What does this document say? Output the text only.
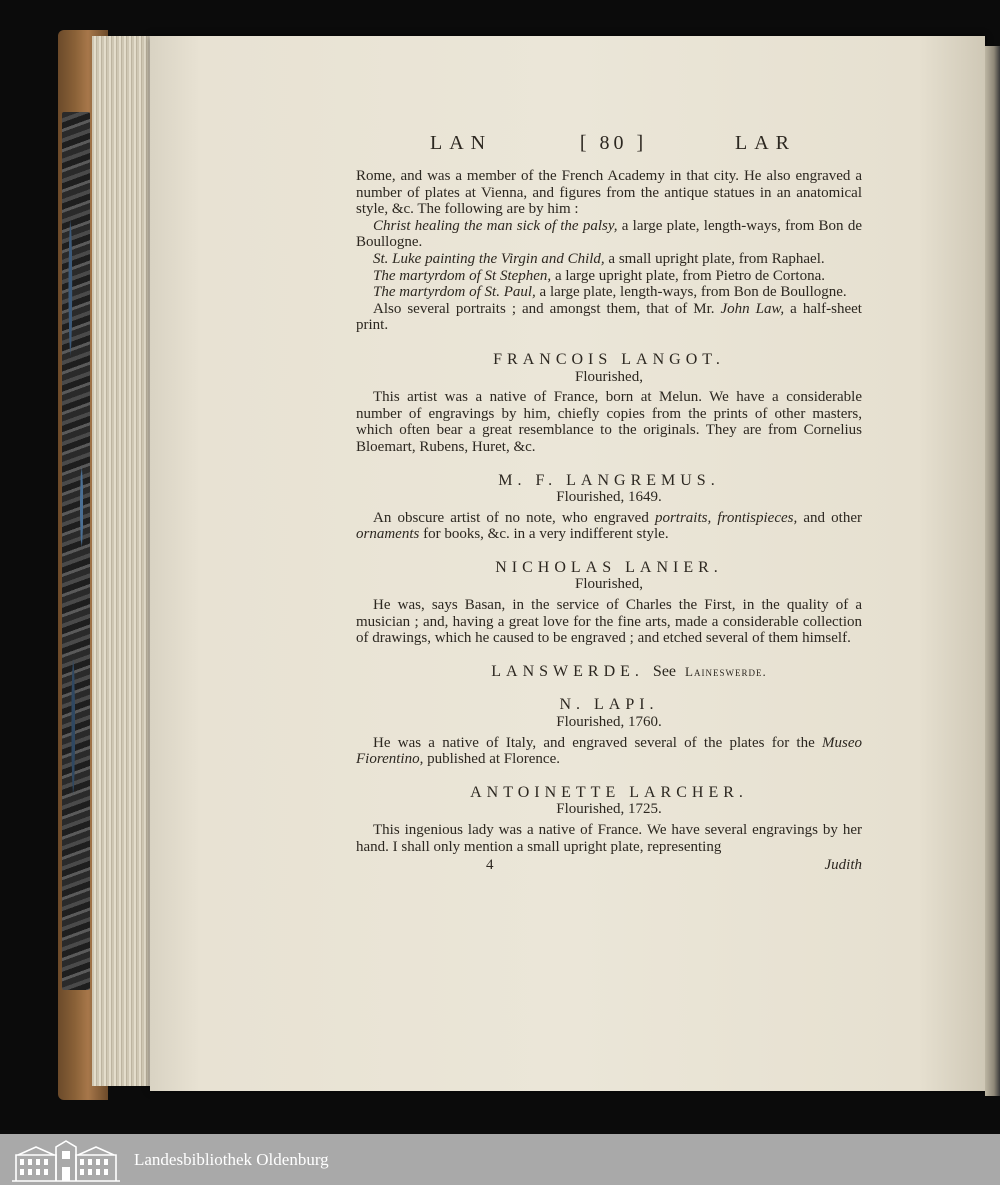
LAN	[ 80 ]	LAR

Rome, and was a member of the French Academy in that city. He also engraved a number of plates at Vienna, and figures from the antique statues in an anatomical style, &c. The following are by him :

Christ healing the man sick of the palsy, a large plate, length-ways, from Bon de Boullogne.

St. Luke painting the Virgin and Child, a small upright plate, from Raphael.

The martyrdom of St Stephen, a large upright plate, from Pietro de Cortona.

The martyrdom of St. Paul, a large plate, length-ways, from Bon de Boullogne.

Also several portraits ; and amongst them, that of Mr. John Law, a half-sheet print.

FRANCOIS LANGOT.

Flourished,

This artist was a native of France, born at Melun. We have a considerable number of engravings by him, chiefly copies from the prints of other masters, which often bear a great resemblance to the originals. They are from Cornelius Bloemart, Rubens, Huret, &c.

M. F. LANGREMUS.

Flourished, 1649.

An obscure artist of no note, who engraved portraits, frontispieces, and other ornaments for books, &c. in a very indifferent style.

NICHOLAS LANIER.

Flourished,

He was, says Basan, in the service of Charles the First, in the quality of a musician ; and, having a great love for the fine arts, made a considerable collection of drawings, which he caused to be engraved ; and etched several of them himself.

LANSWERDE. See Laineswerde.

N. LAPI.

Flourished, 1760.

He was a native of Italy, and engraved several of the plates for the Museo Fiorentino, published at Florence.

ANTOINETTE LARCHER.

Flourished, 1725.

This ingenious lady was a native of France. We have several engravings by her hand. I shall only mention a small upright plate, representing

4	Judith
Landesbibliothek Oldenburg
